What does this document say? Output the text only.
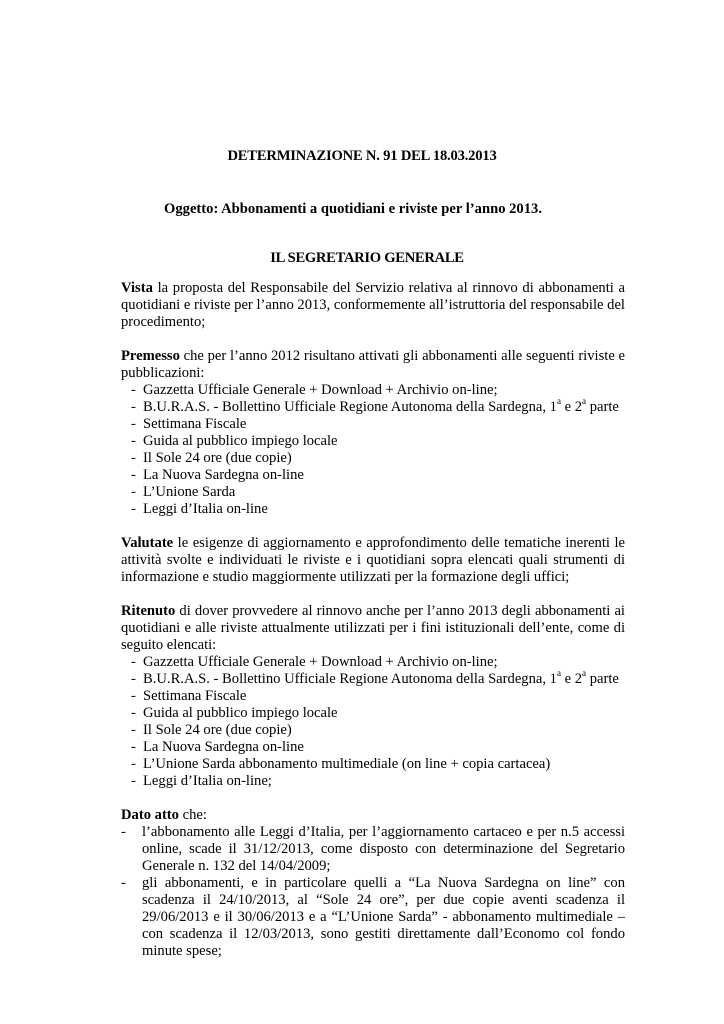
DETERMINAZIONE N. 91 DEL 18.03.2013
Oggetto: Abbonamenti a quotidiani e riviste per l’anno 2013.
IL SEGRETARIO GENERALE

Vista la proposta del Responsabile del Servizio relativa al rinnovo di abbonamenti a quotidiani e riviste per l’anno 2013, conformemente all’istruttoria del responsabile del procedimento;

Premesso che per l’anno 2012 risultano attivati gli abbonamenti alle seguenti riviste e pubblicazioni:

- Gazzetta Ufficiale Generale + Download + Archivio on-line;
- B.U.R.A.S. - Bollettino Ufficiale Regione Autonoma della Sardegna, 1$^a$ e 2$^a$ parte
- Settimana Fiscale
- Guida al pubblico impiego locale
- Il Sole 24 ore (due copie)
- La Nuova Sardegna on-line
- L’Unione Sarda
- Leggi d’Italia on-line

Valutate le esigenze di aggiornamento e approfondimento delle tematiche inerenti le attività svolte e individuati le riviste e i quotidiani sopra elencati quali strumenti di informazione e studio maggiormente utilizzati per la formazione degli uffici;

Ritenuto di dover provvedere al rinnovo anche per l’anno 2013 degli abbonamenti ai quotidiani e alle riviste attualmente utilizzati per i fini istituzionali dell’ente, come di seguito elencati:

- Gazzetta Ufficiale Generale + Download + Archivio on-line;
- B.U.R.A.S. - Bollettino Ufficiale Regione Autonoma della Sardegna, 1$^a$ e 2$^a$ parte
- Settimana Fiscale
- Guida al pubblico impiego locale
- Il Sole 24 ore (due copie)
- La Nuova Sardegna on-line
- L’Unione Sarda abbonamento multimediale (on line + copia cartacea)
- Leggi d’Italia on-line;

Dato atto che:

- l’abbonamento alle Leggi d’Italia, per l’aggiornamento cartaceo e per n.5 accessi online, scade il 31/12/2013, come disposto con determinazione del Segretario Generale n. 132 del 14/04/2009;
- gli abbonamenti, e in particolare quelli a “La Nuova Sardegna on line” con scadenza il 24/10/2013, al “Sole 24 ore”, per due copie aventi scadenza il 29/06/2013 e il 30/06/2013 e a “L’Unione Sarda” - abbonamento multimediale – con scadenza il 12/03/2013, sono gestiti direttamente dall’Economo col fondo minute spese;
